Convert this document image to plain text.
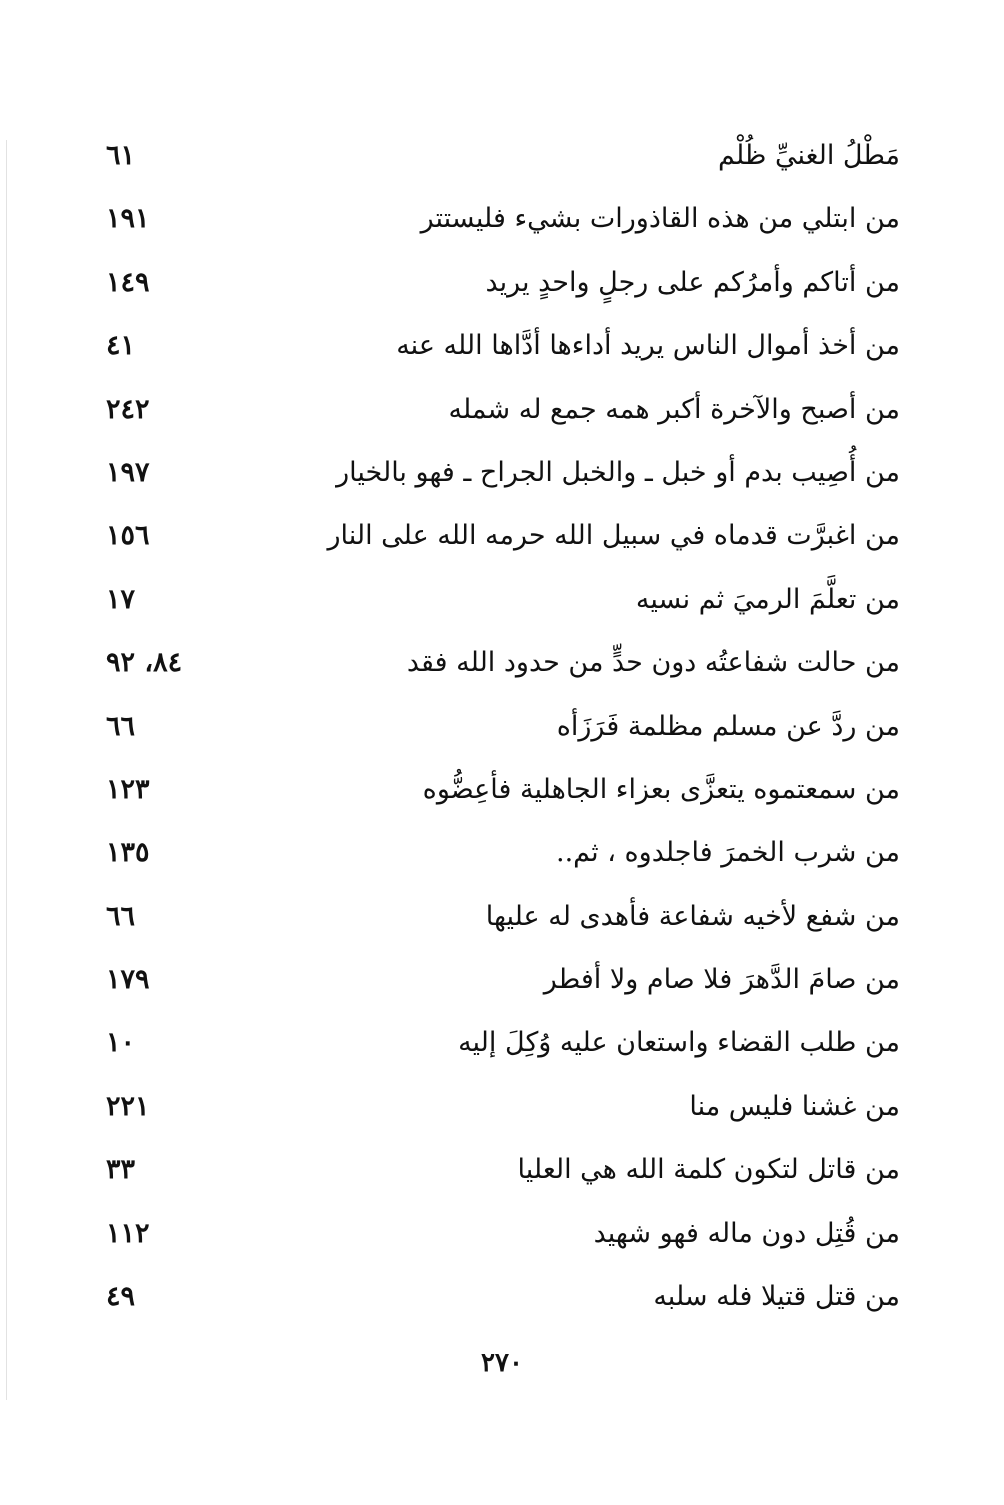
مَطْلُ الغنيِّ ظُلْم
٦١
من ابتلي من هذه القاذورات بشيء فليستتر
١٩١
من أتاكم وأمرُكم على رجلٍ واحدٍ يريد
١٤٩
من أخذ أموال الناس يريد أداءها أدَّاها الله عنه
٤١
من أصبح والآخرة أكبر همه جمع له شمله
٢٤٢
من أُصِيب بدم أو خبل ـ والخبل الجراح ـ فهو بالخيار
١٩٧
من اغبرَّت قدماه في سبيل الله حرمه الله على النار
١٥٦
من تعلَّمَ الرميَ ثم نسيه
١٧
من حالت شفاعتُه دون حدٍّ من حدود الله فقد
٨٤، ٩٢
من ردَّ عن مسلم مظلمة فَرَزَأه
٦٦
من سمعتموه يتعزَّى بعزاء الجاهلية فأعِضُّوه
١٢٣
من شرب الخمرَ فاجلدوه ، ثم..
١٣٥
من شفع لأخيه شفاعة فأهدى له عليها
٦٦
من صامَ الدَّهرَ فلا صام ولا أفطر
١٧٩
من طلب القضاء واستعان عليه وُكِلَ إليه
١٠
من غشنا فليس منا
٢٢١
من قاتل لتكون كلمة الله هي العليا
٣٣
من قُتِل دون ماله فهو شهيد
١١٢
من قتل قتيلا فله سلبه
٤٩
٢٧٠
